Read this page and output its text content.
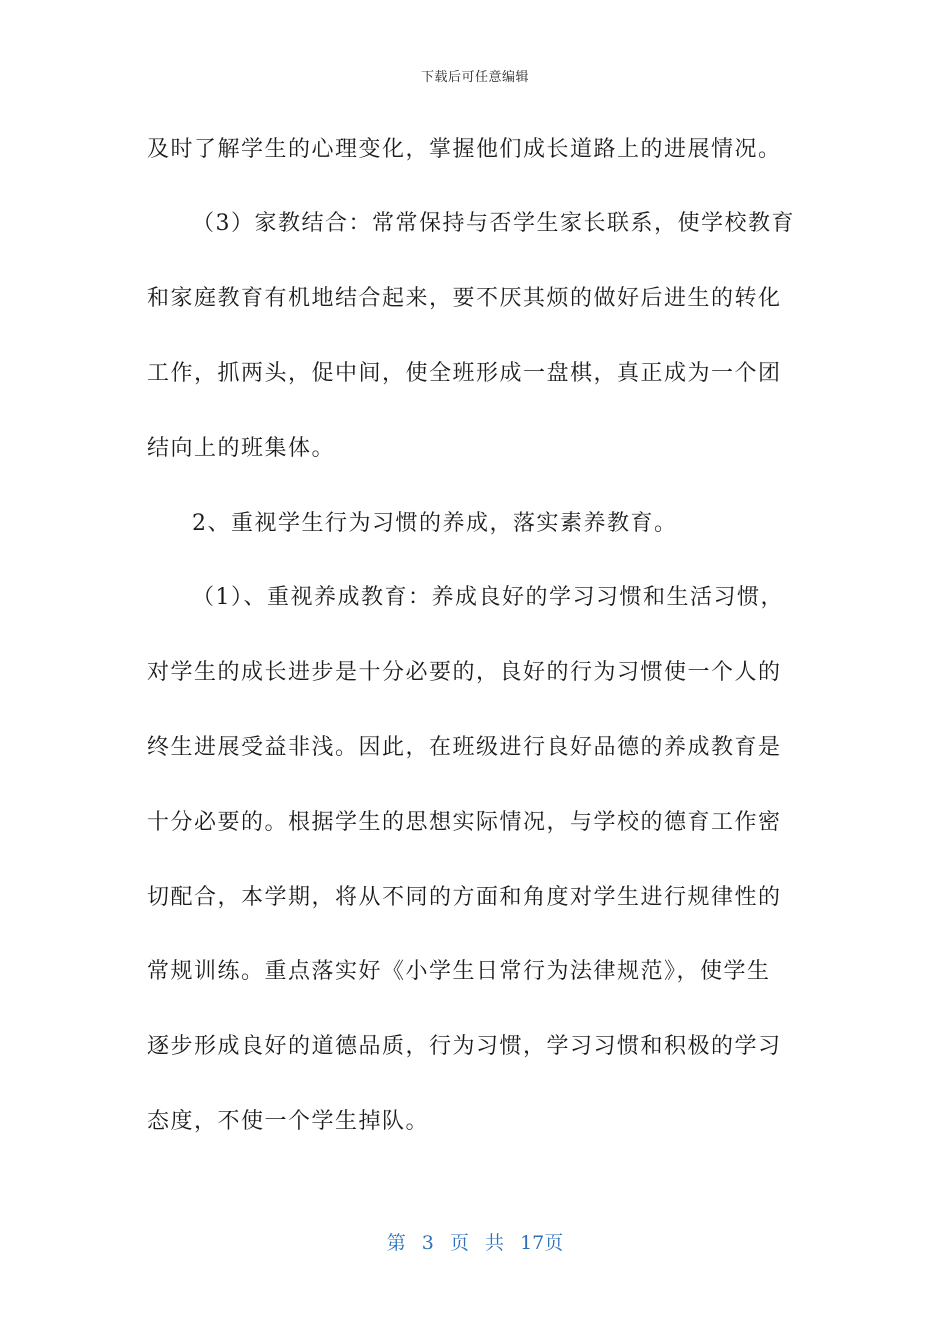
下载后可任意编辑
及时了解学生的心理变化，掌握他们成长道路上的进展情况。
（3）家教结合：常常保持与否学生家长联系，使学校教育
和家庭教育有机地结合起来，要不厌其烦的做好后进生的转化
工作，抓两头，促中间，使全班形成一盘棋，真正成为一个团
结向上的班集体。
2、重视学生行为习惯的养成，落实素养教育。
（1）、重视养成教育：养成良好的学习习惯和生活习惯，
对学生的成长进步是十分必要的，良好的行为习惯使一个人的
终生进展受益非浅。因此，在班级进行良好品德的养成教育是
十分必要的。根据学生的思想实际情况，与学校的德育工作密
切配合，本学期，将从不同的方面和角度对学生进行规律性的
常规训练。重点落实好《小学生日常行为法律规范》，使学生
逐步形成良好的道德品质，行为习惯，学习习惯和积极的学习
态度，不使一个学生掉队。
第 3 页 共 17页
